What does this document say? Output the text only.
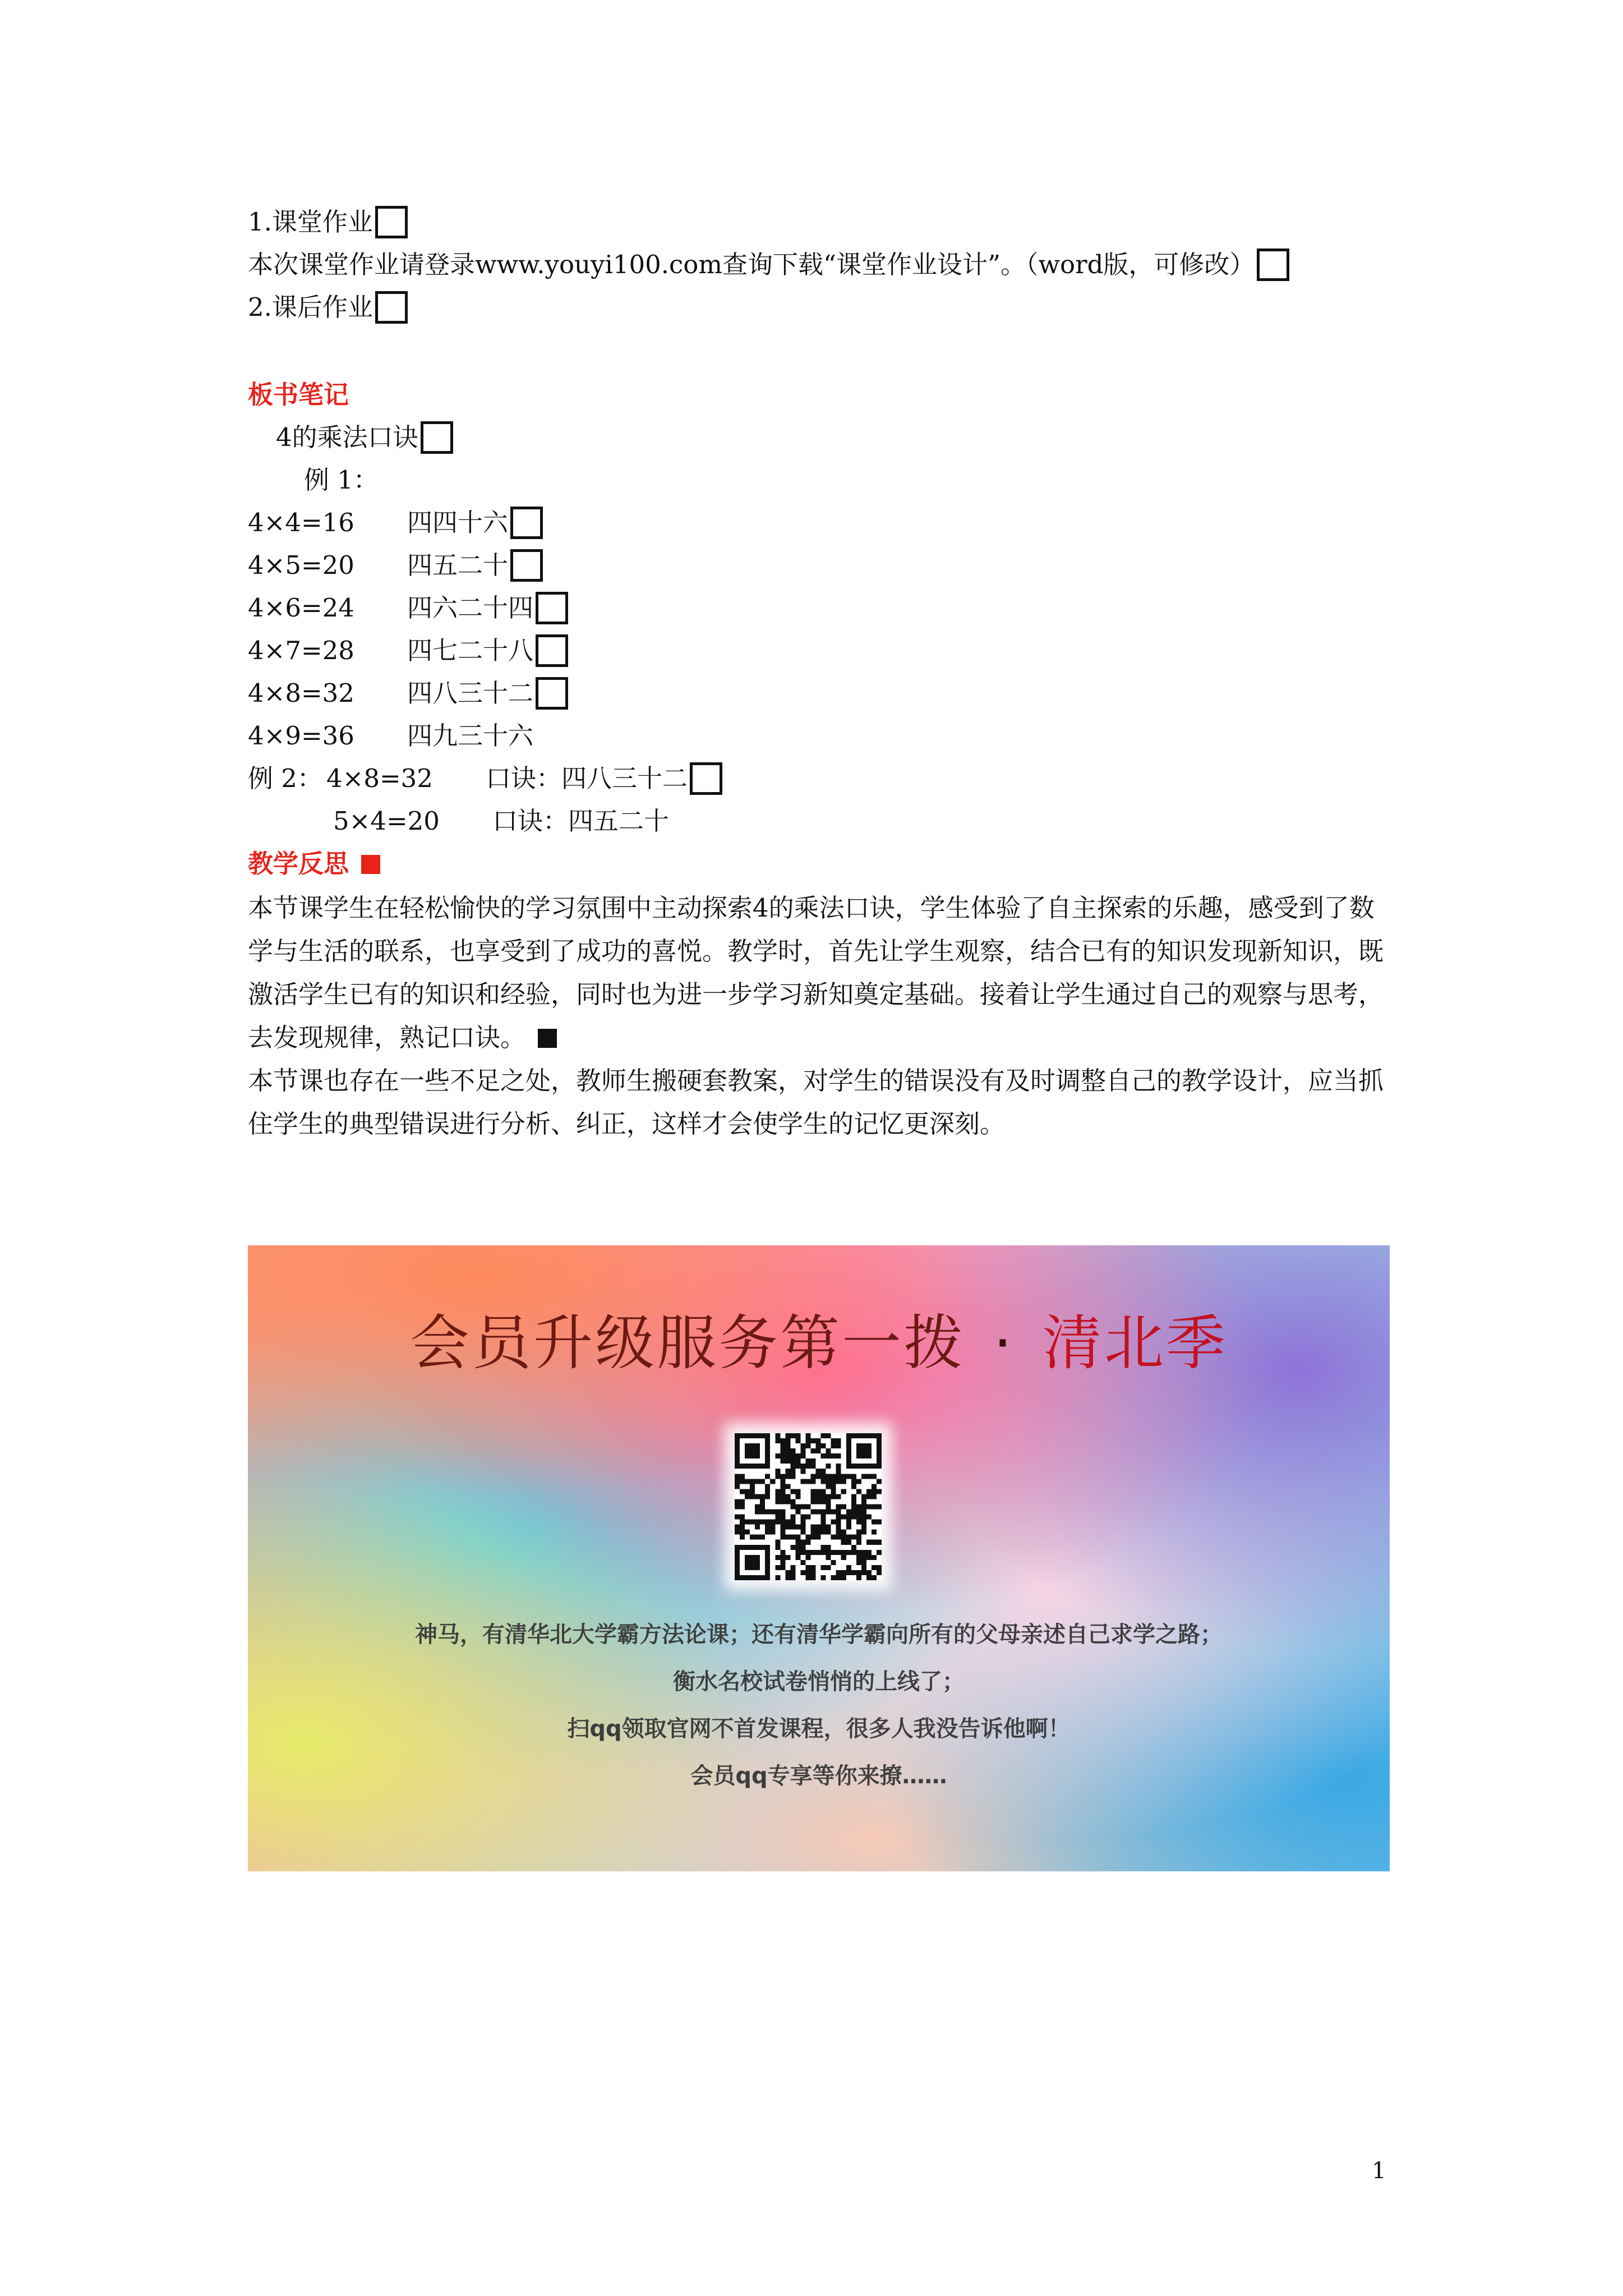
1.课堂作业
本次课堂作业请登录www.youyi100.com查询下载“课堂作业设计”。（word版，可修改）
2.课后作业
板书笔记
4的乘法口诀
例 1：
4×4=16 四四十六
4×5=20 四五二十
4×6=24 四六二十四
4×7=28 四七二十八
4×8=32 四八三十二
4×9=36 四九三十六
例 2： 4×8=32 口诀：四八三十二
5×4=20 口诀：四五二十
教学反思
本节课学生在轻松愉快的学习氛围中主动探索4的乘法口诀，学生体验了自主探索的乐趣，感受到了数学与生活的联系，也享受到了成功的喜悦。教学时，首先让学生观察，结合已有的知识发现新知识，既激活学生已有的知识和经验，同时也为进一步学习新知奠定基础。接着让学生通过自己的观察与思考，去发现规律，熟记口诀。
本节课也存在一些不足之处，教师生搬硬套教案，对学生的错误没有及时调整自己的教学设计，应当抓住学生的典型错误进行分析、纠正，这样才会使学生的记忆更深刻。
会员升级服务第一拨 · 清北季
神马，有清华北大学霸方法论课；还有清华学霸向所有的父母亲述自己求学之路；
衡水名校试卷悄悄的上线了；
扫qq领取官网不首发课程，很多人我没告诉他啊！
会员qq专享等你来撩……
1
